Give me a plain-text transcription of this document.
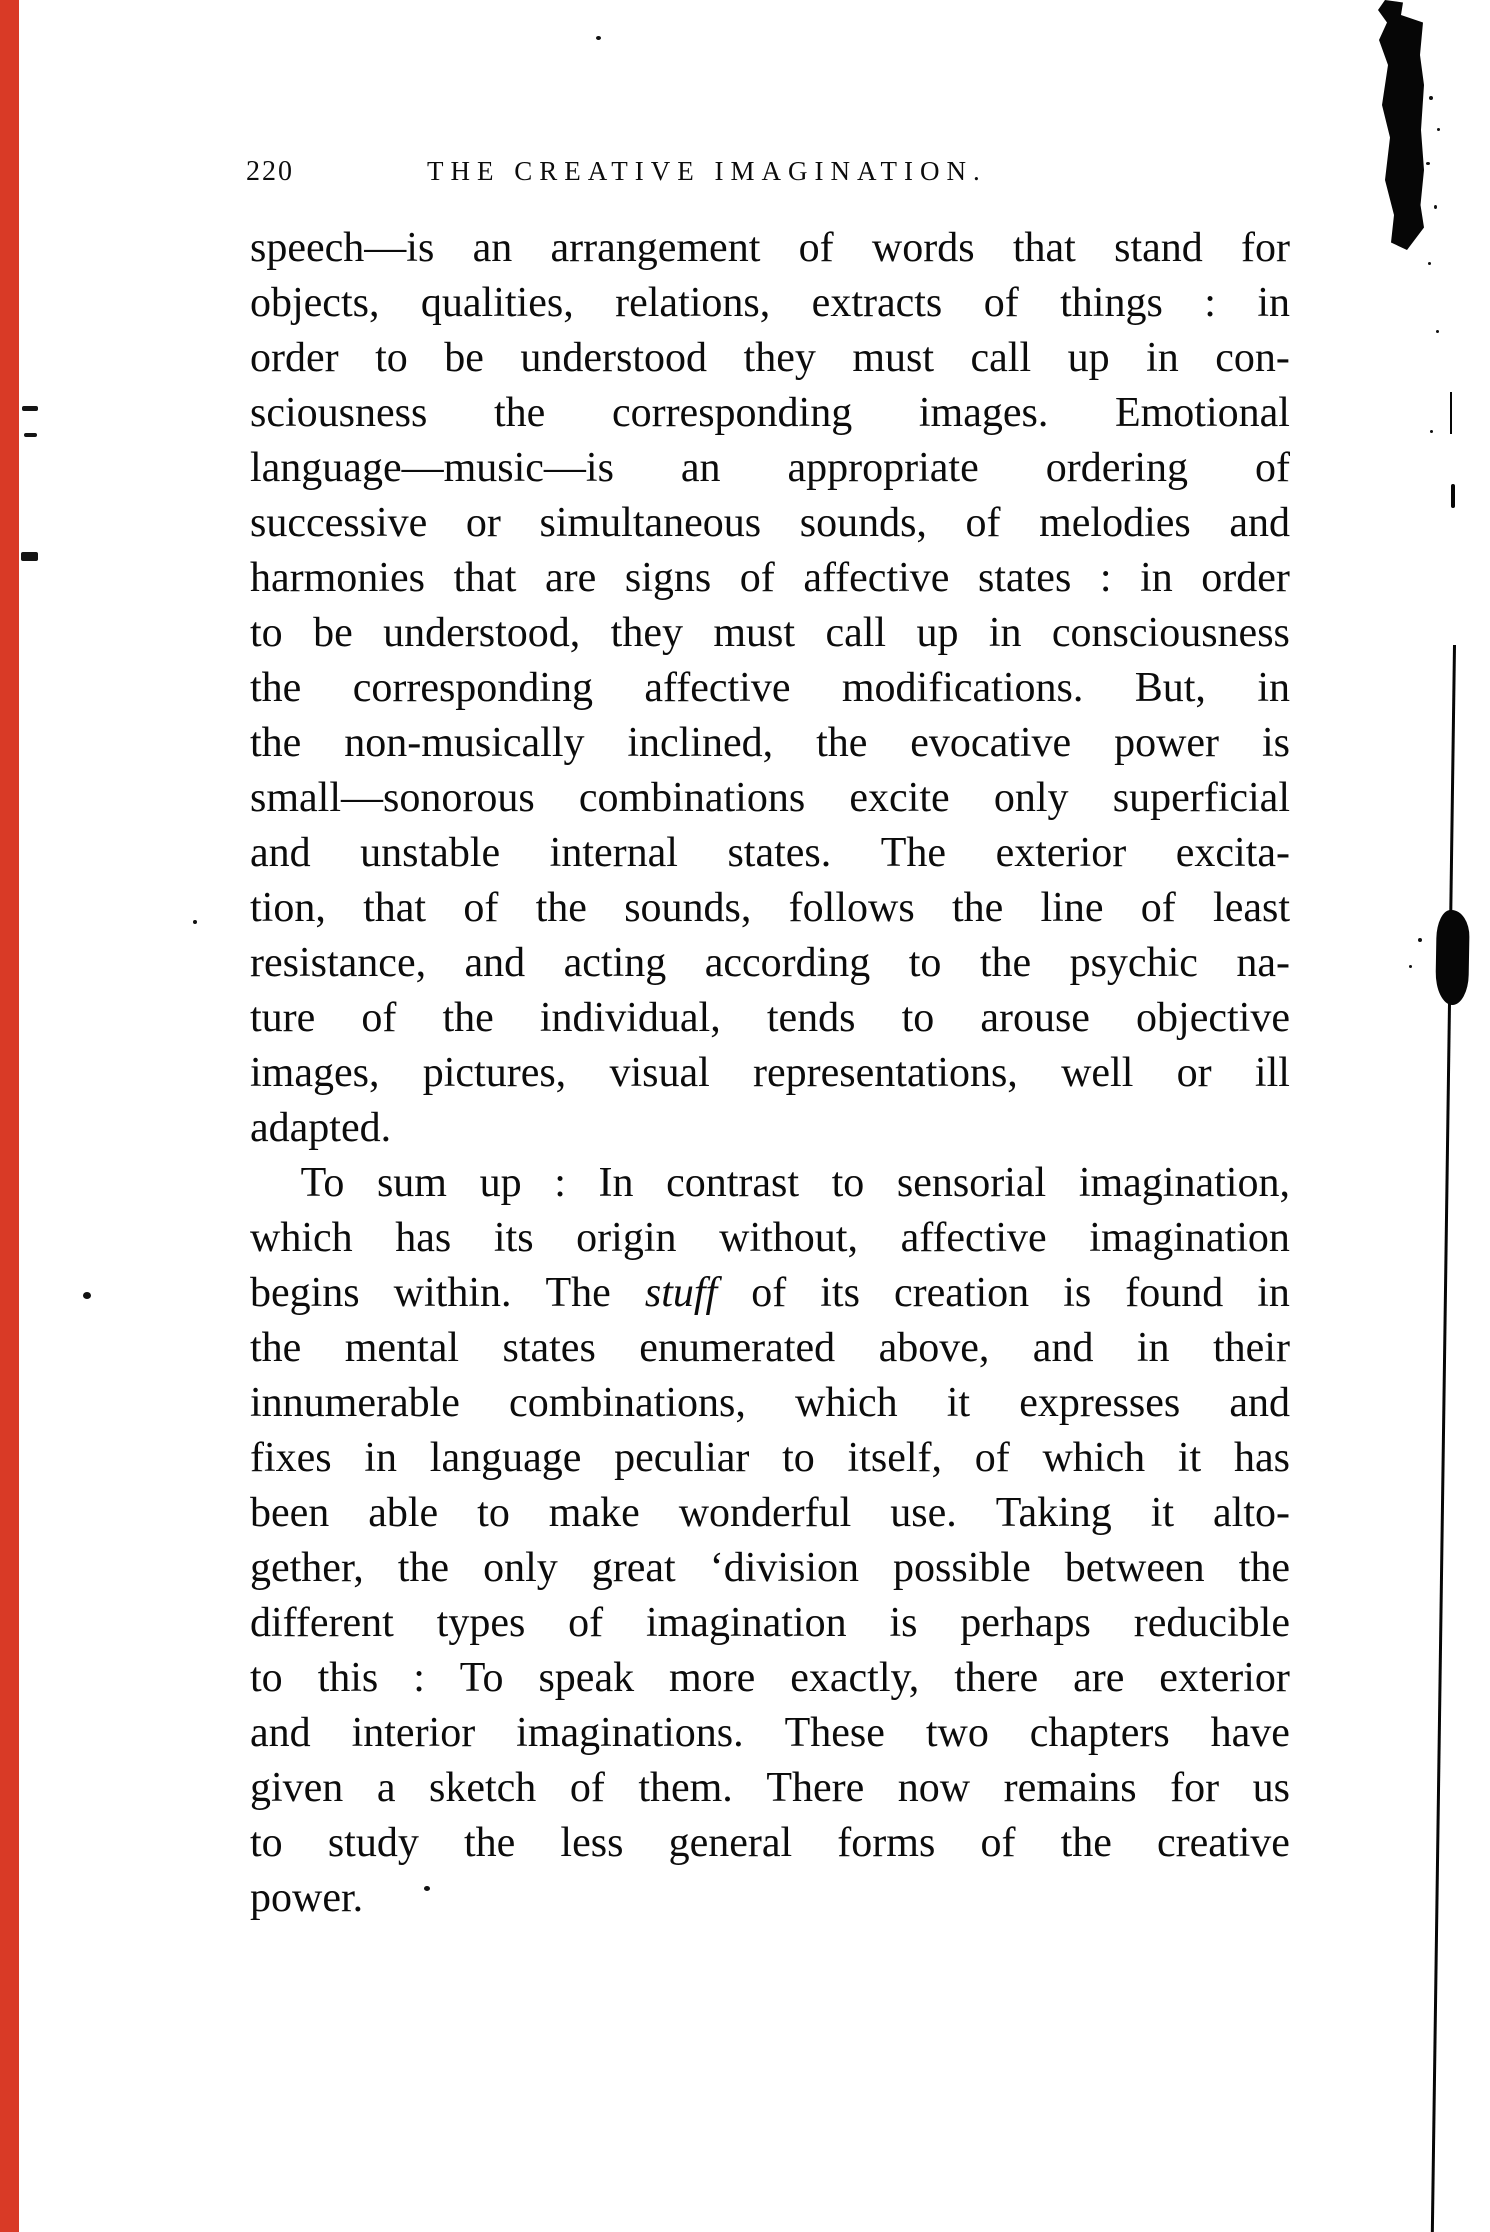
220	THE CREATIVE IMAGINATION.
speech—is an arrangement of words that stand for
objects, qualities, relations, extracts of things : in
order to be understood they must call up in con-
sciousness the corresponding images. Emotional
language—music—is an appropriate ordering of
successive or simultaneous sounds, of melodies and
harmonies that are signs of affective states : in order
to be understood, they must call up in consciousness
the corresponding affective modifications. But, in
the non-musically inclined, the evocative power is
small—sonorous combinations excite only superficial
and unstable internal states. The exterior excita-
tion, that of the sounds, follows the line of least
resistance, and acting according to the psychic na-
ture of the individual, tends to arouse objective
images, pictures, visual representations, well or ill
adapted.
To sum up : In contrast to sensorial imagination,
which has its origin without, affective imagination
begins within. The stuff of its creation is found in
the mental states enumerated above, and in their
innumerable combinations, which it expresses and
fixes in language peculiar to itself, of which it has
been able to make wonderful use. Taking it alto-
gether, the only great ‘division possible between the
different types of imagination is perhaps reducible
to this : To speak more exactly, there are exterior
and interior imaginations. These two chapters have
given a sketch of them. There now remains for us
to study the less general forms of the creative
power.
